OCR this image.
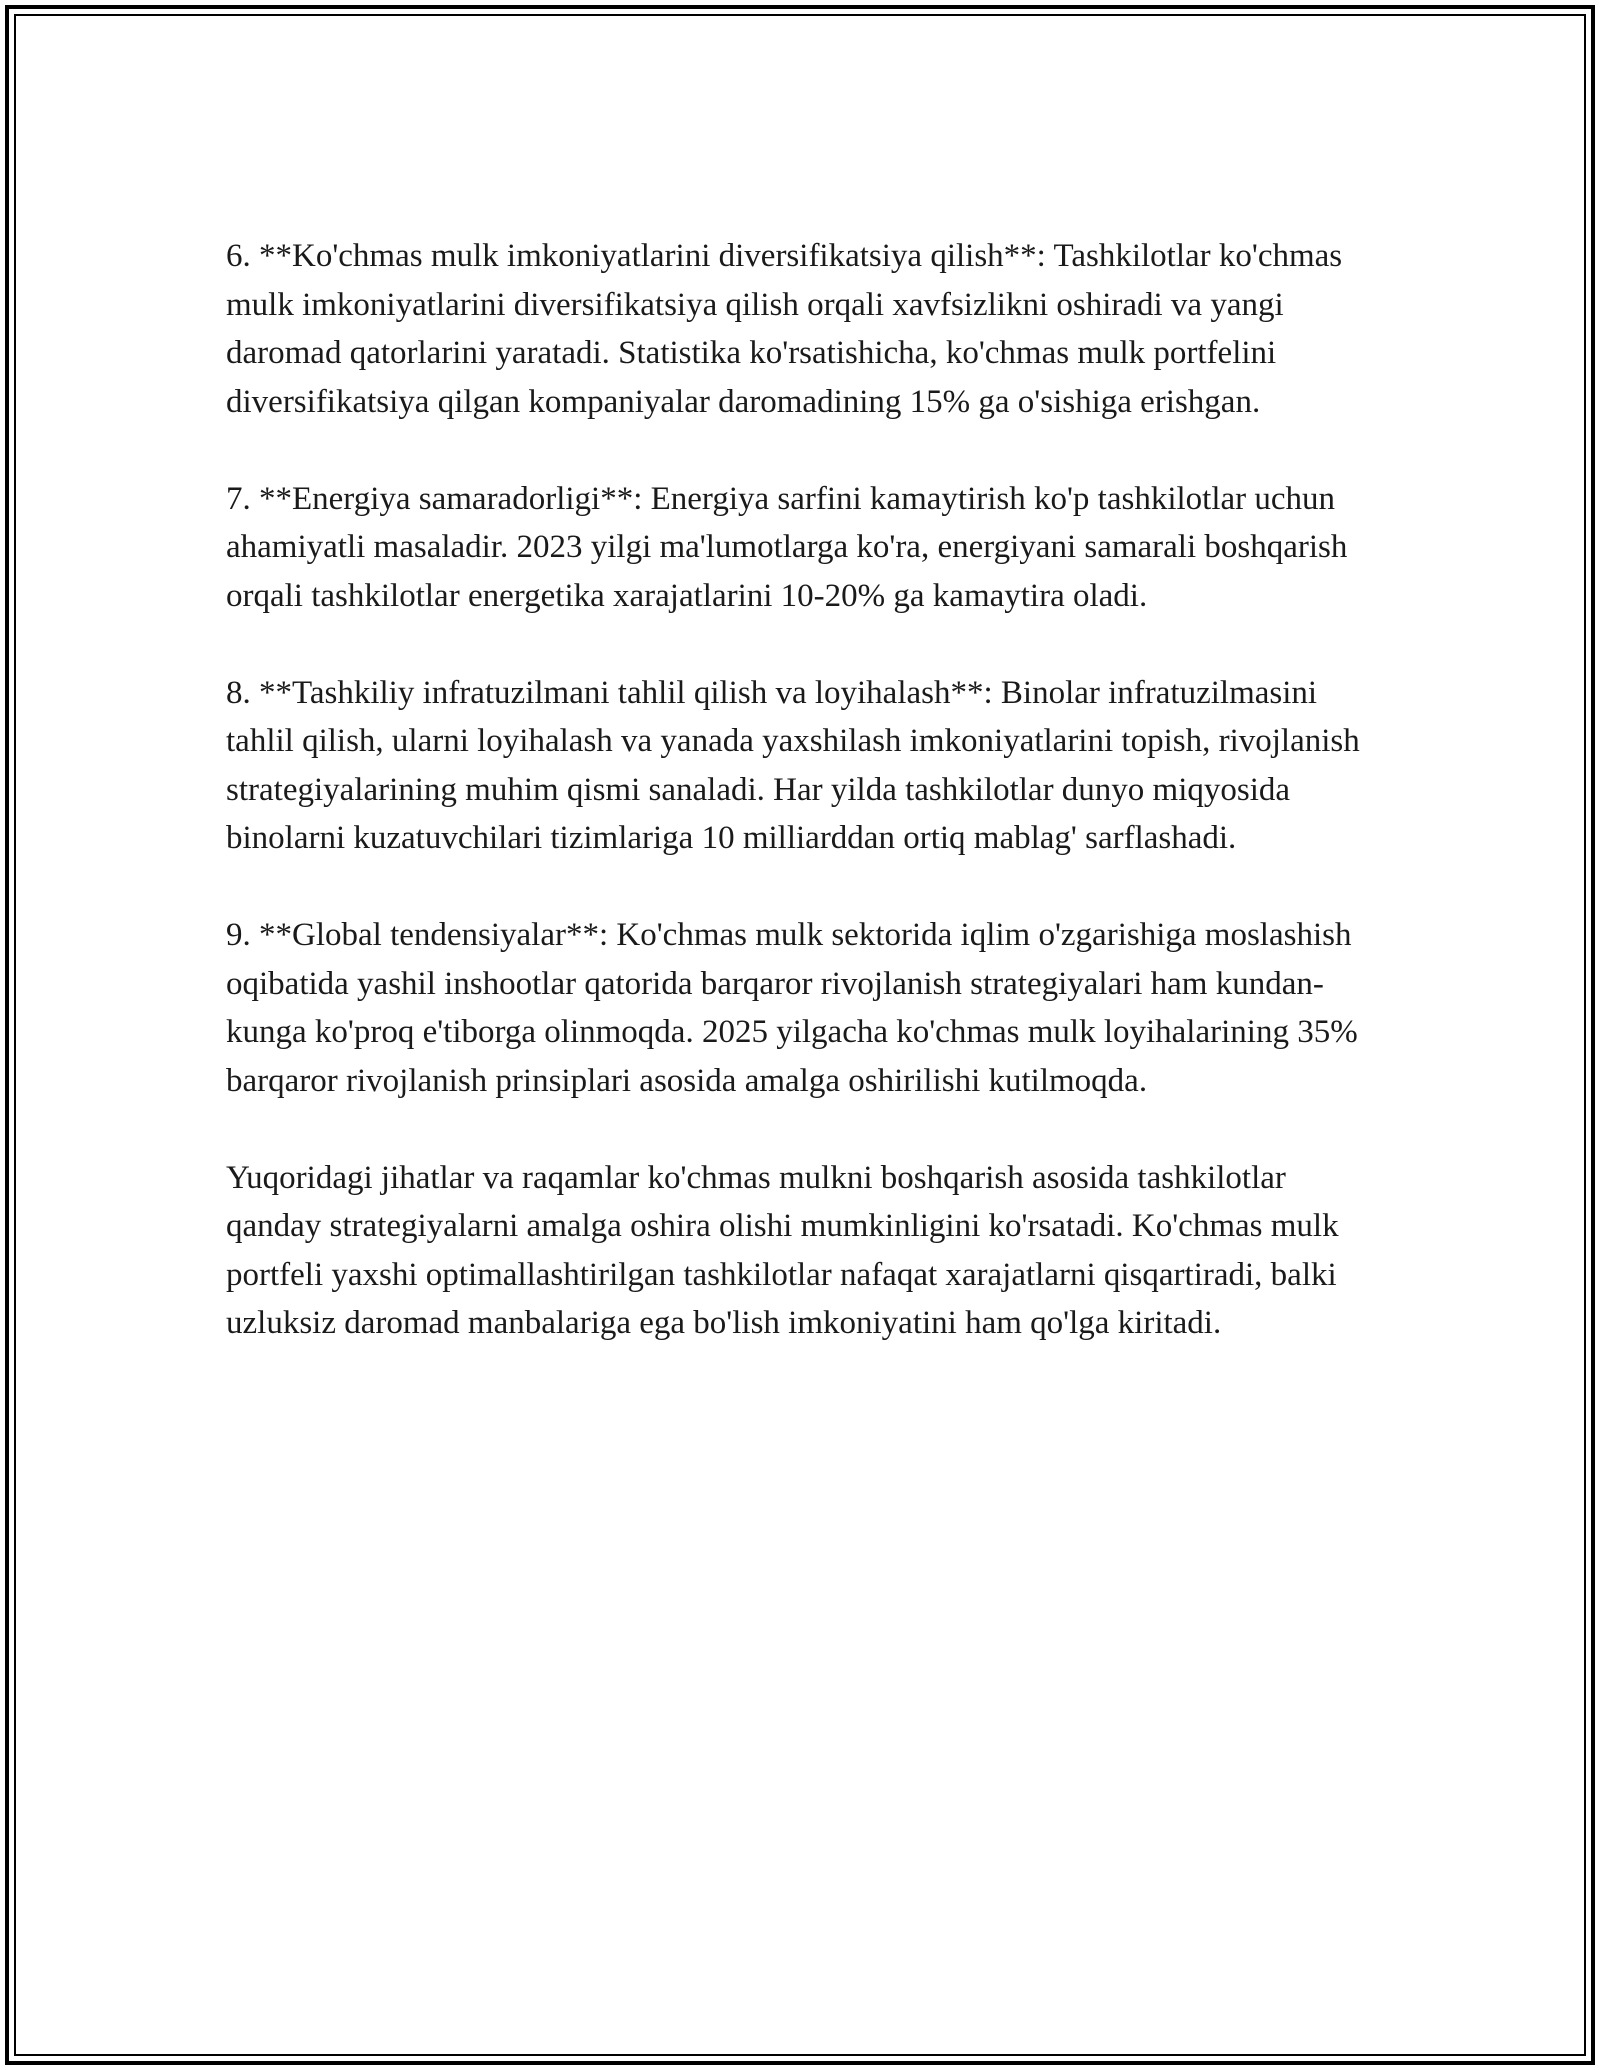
6. **Ko'chmas mulk imkoniyatlarini diversifikatsiya qilish**: Tashkilotlar ko'chmas mulk imkoniyatlarini diversifikatsiya qilish orqali xavfsizlikni oshiradi va yangi daromad qatorlarini yaratadi. Statistika ko'rsatishicha, ko'chmas mulk portfelini diversifikatsiya qilgan kompaniyalar daromadining 15% ga o'sishiga erishgan.

7. **Energiya samaradorligi**: Energiya sarfini kamaytirish ko'p tashkilotlar uchun ahamiyatli masaladir. 2023 yilgi ma'lumotlarga ko'ra, energiyani samarali boshqarish orqali tashkilotlar energetika xarajatlarini 10-20% ga kamaytira oladi.

8. **Tashkiliy infratuzilmani tahlil qilish va loyihalash**: Binolar infratuzilmasini tahlil qilish, ularni loyihalash va yanada yaxshilash imkoniyatlarini topish, rivojlanish strategiyalarining muhim qismi sanaladi. Har yilda tashkilotlar dunyo miqyosida binolarni kuzatuvchilari tizimlariga 10 milliarddan ortiq mablag' sarflashadi.

9. **Global tendensiyalar**: Ko'chmas mulk sektorida iqlim o'zgarishiga moslashish oqibatida yashil inshootlar qatorida barqaror rivojlanish strategiyalari ham kundan-kunga ko'proq e'tiborga olinmoqda. 2025 yilgacha ko'chmas mulk loyihalarining 35% barqaror rivojlanish prinsiplari asosida amalga oshirilishi kutilmoqda.

Yuqoridagi jihatlar va raqamlar ko'chmas mulkni boshqarish asosida tashkilotlar qanday strategiyalarni amalga oshira olishi mumkinligini ko'rsatadi. Ko'chmas mulk portfeli yaxshi optimallashtirilgan tashkilotlar nafaqat xarajatlarni qisqartiradi, balki uzluksiz daromad manbalariga ega bo'lish imkoniyatini ham qo'lga kiritadi.
